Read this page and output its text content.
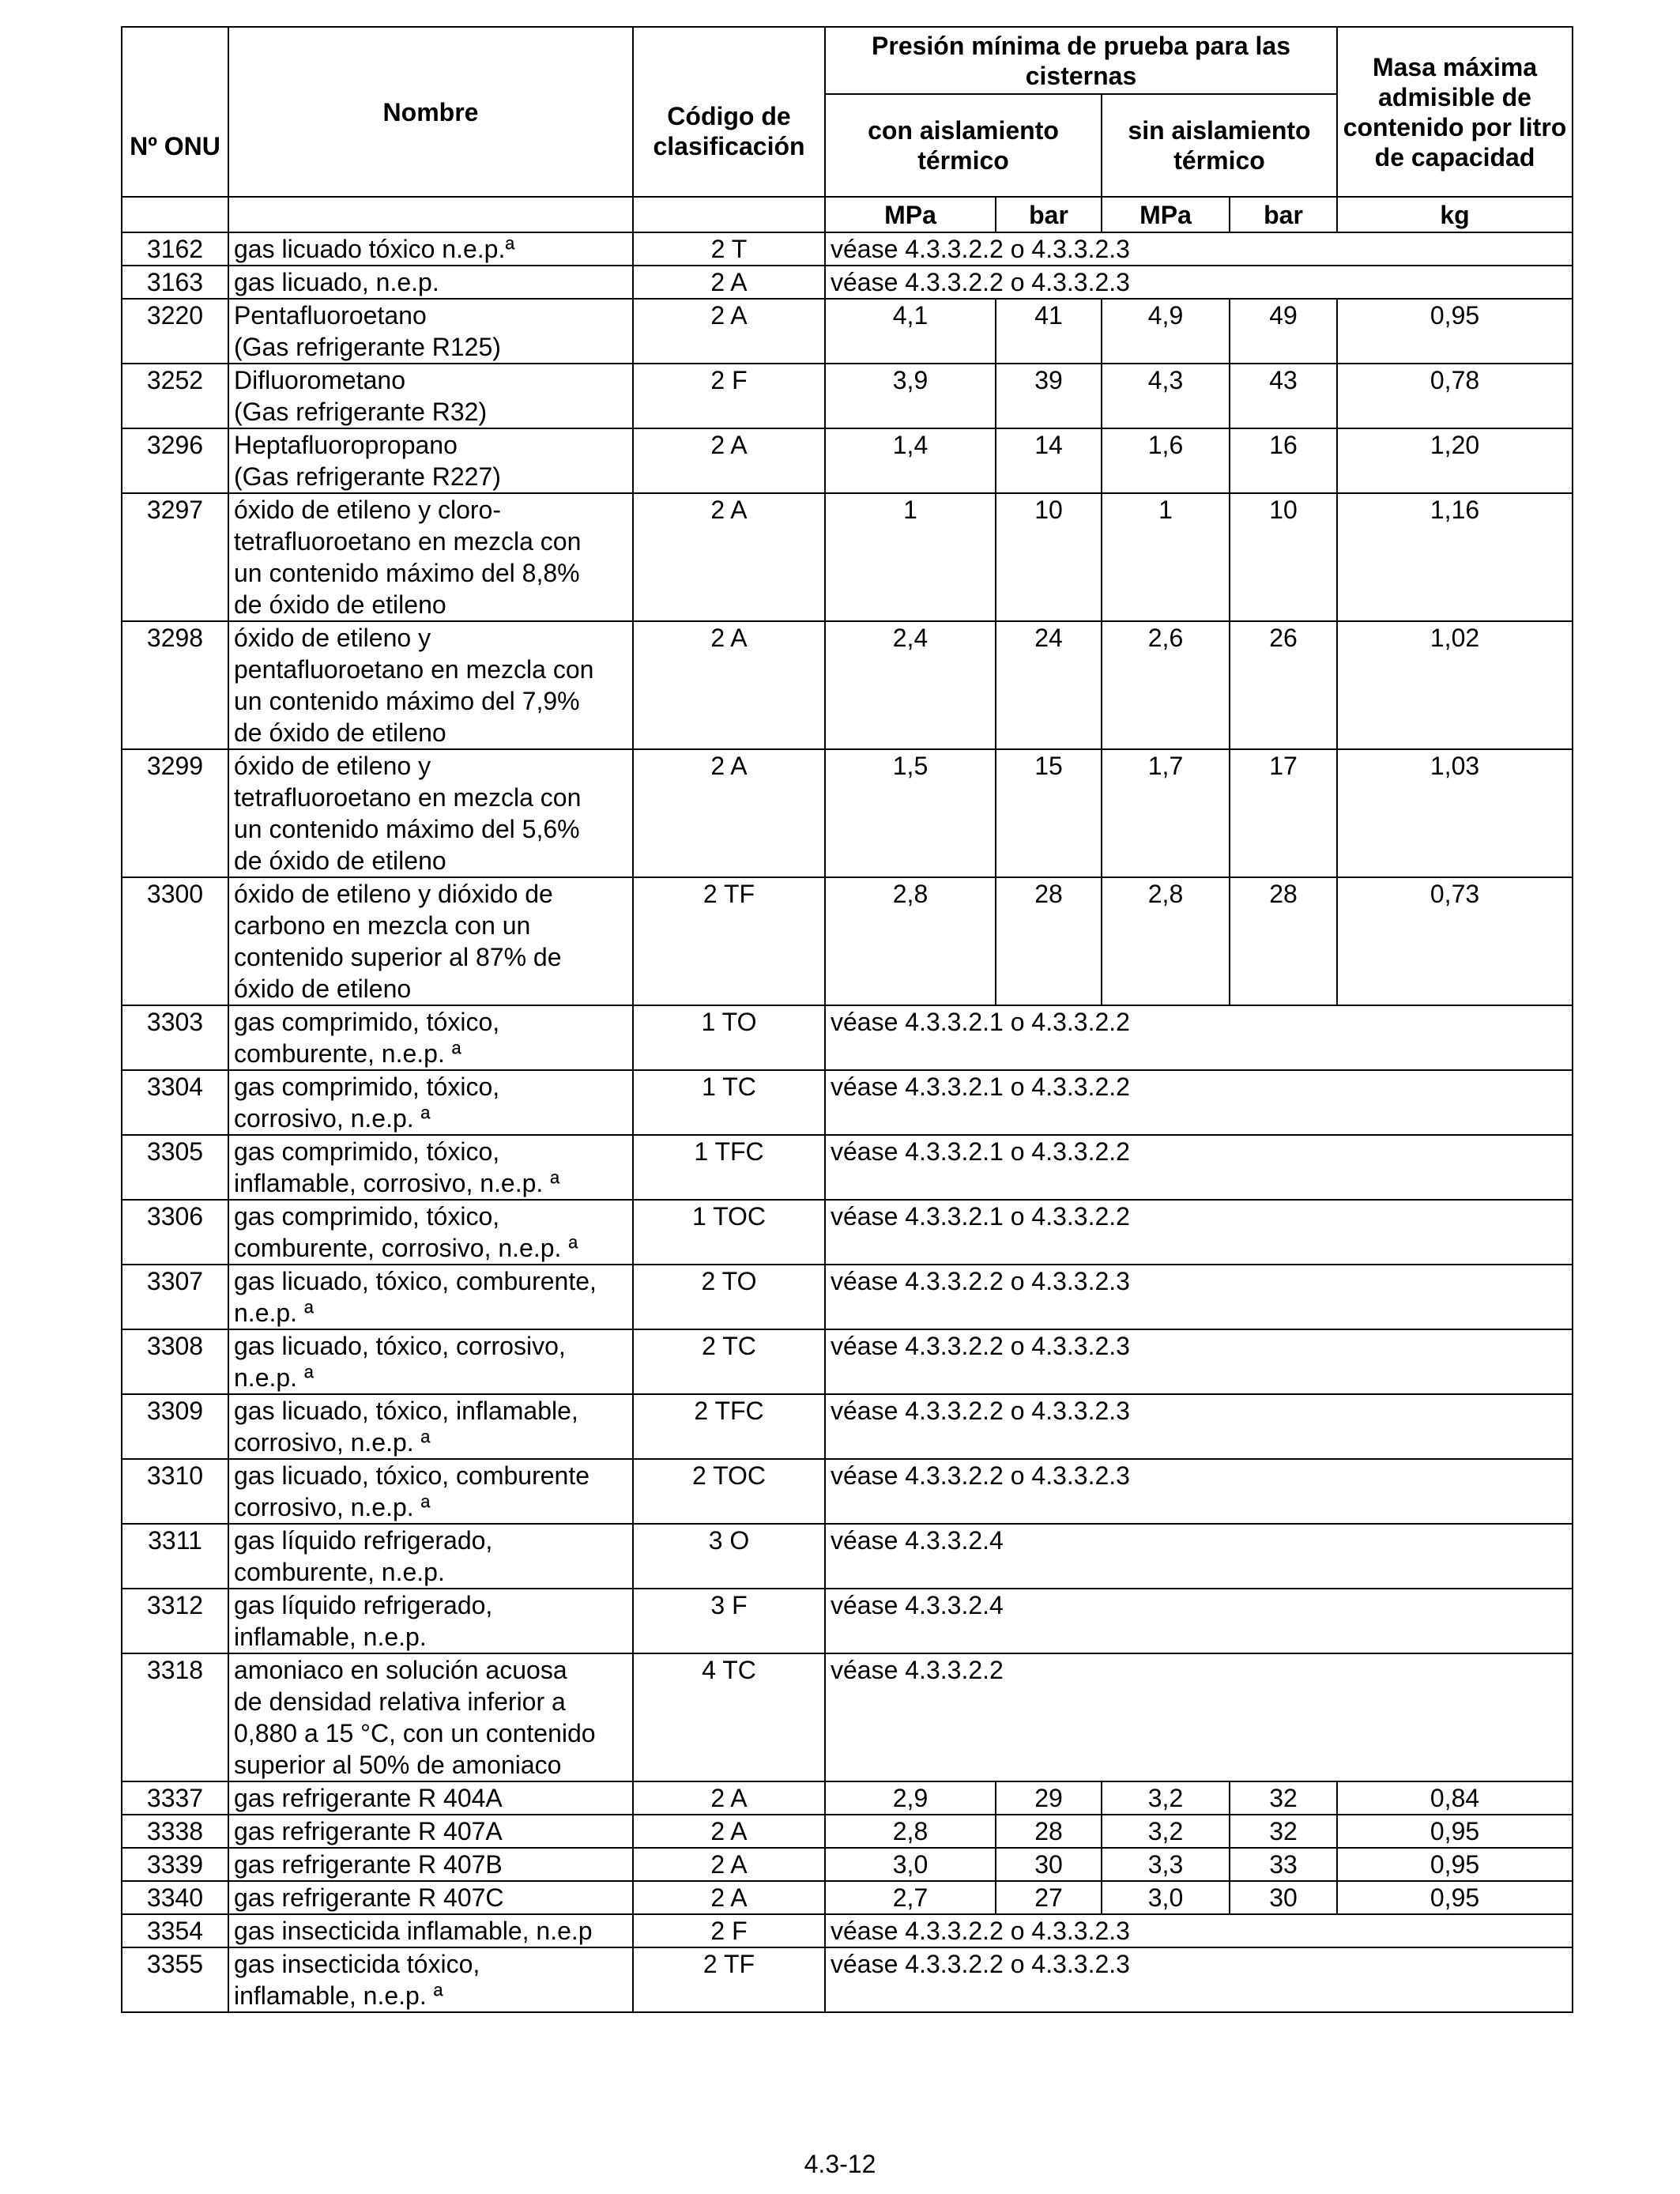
Nº ONU	Nombre	Código de clasificación	Presión mínima de prueba para las cisternas				Masa máxima admisible de contenido por litro de capacidad
			con aislamiento térmico		sin aislamiento térmico		
			MPa	bar	MPa	bar	kg
3162	gas licuado tóxico n.e.p.ª	2 T	véase 4.3.3.2.2 o 4.3.3.2.3				
3163	gas licuado, n.e.p.	2 A	véase 4.3.3.2.2 o 4.3.3.2.3				
3220	Pentafluoroetano
(Gas refrigerante R125)	2 A	4,1	41	4,9	49	0,95
3252	Difluorometano
(Gas refrigerante R32)	2 F	3,9	39	4,3	43	0,78
3296	Heptafluoropropano
(Gas refrigerante R227)	2 A	1,4	14	1,6	16	1,20
3297	óxido de etileno y cloro-
tetrafluoroetano en mezcla con
un contenido máximo del 8,8%
de óxido de etileno	2 A	1	10	1	10	1,16
3298	óxido de etileno y
pentafluoroetano en mezcla con
un contenido máximo del 7,9%
de óxido de etileno	2 A	2,4	24	2,6	26	1,02
3299	óxido de etileno y
tetrafluoroetano en mezcla con
un contenido máximo del 5,6%
de óxido de etileno	2 A	1,5	15	1,7	17	1,03
3300	óxido de etileno y dióxido de
carbono en mezcla con un
contenido superior al 87% de
óxido de etileno	2 TF	2,8	28	2,8	28	0,73
3303	gas comprimido, tóxico,
comburente, n.e.p. ª	1 TO	véase 4.3.3.2.1 o 4.3.3.2.2				
3304	gas comprimido, tóxico,
corrosivo, n.e.p. ª	1 TC	véase 4.3.3.2.1 o 4.3.3.2.2				
3305	gas comprimido, tóxico,
inflamable, corrosivo, n.e.p. ª	1 TFC	véase 4.3.3.2.1 o 4.3.3.2.2				
3306	gas comprimido, tóxico,
comburente, corrosivo, n.e.p. ª	1 TOC	véase 4.3.3.2.1 o 4.3.3.2.2				
3307	gas licuado, tóxico, comburente,
n.e.p. ª	2 TO	véase 4.3.3.2.2 o 4.3.3.2.3				
3308	gas licuado, tóxico, corrosivo,
n.e.p. ª	2 TC	véase 4.3.3.2.2 o 4.3.3.2.3				
3309	gas licuado, tóxico, inflamable,
corrosivo, n.e.p. ª	2 TFC	véase 4.3.3.2.2 o 4.3.3.2.3				
3310	gas licuado, tóxico, comburente
corrosivo, n.e.p. ª	2 TOC	véase 4.3.3.2.2 o 4.3.3.2.3				
3311	gas líquido refrigerado,
comburente, n.e.p.	3 O	véase 4.3.3.2.4				
3312	gas líquido refrigerado,
inflamable, n.e.p.	3 F	véase 4.3.3.2.4				
3318	amoniaco en solución acuosa
de densidad relativa inferior a
0,880 a 15 °C, con un contenido
superior al 50% de amoniaco	4 TC	véase 4.3.3.2.2				
3337	gas refrigerante R 404A	2 A	2,9	29	3,2	32	0,84
3338	gas refrigerante R 407A	2 A	2,8	28	3,2	32	0,95
3339	gas refrigerante R 407B	2 A	3,0	30	3,3	33	0,95
3340	gas refrigerante R 407C	2 A	2,7	27	3,0	30	0,95
3354	gas insecticida inflamable, n.e.p	2 F	véase 4.3.3.2.2 o 4.3.3.2.3				
3355	gas insecticida tóxico,
inflamable, n.e.p. ª	2 TF	véase 4.3.3.2.2 o 4.3.3.2.3				
4.3-12
